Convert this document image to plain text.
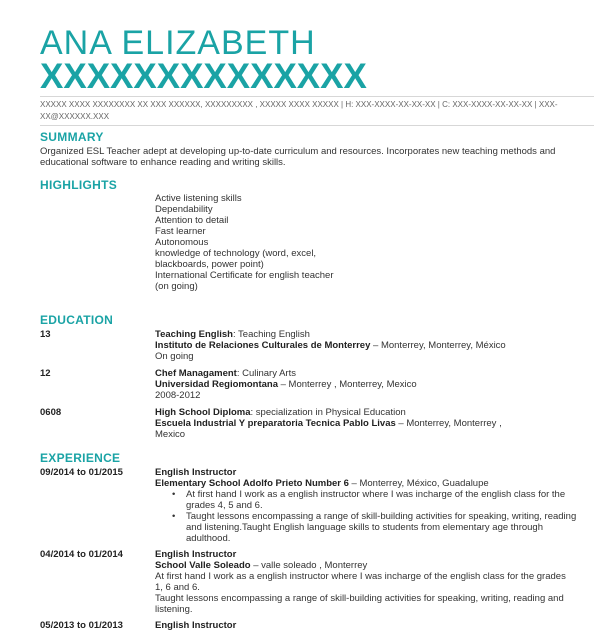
ANA ELIZABETH
XXXXXXXXXXXXXX
XXXXX XXXX XXXXXXXX XX XXX XXXXXX, XXXXXXXXX , XXXXX XXXX XXXXX | H: XXX-XXXX-XX-XX-XX | C: XXX-XXXX-XX-XX-XX | XXX-XX@XXXXXX.XXX
SUMMARY
Organized ESL Teacher adept at developing up-to-date curriculum and resources. Incorporates new teaching methods and educational software to enhance reading and writing skills.
HIGHLIGHTS
Active listening skills
Dependability
Attention to detail
Fast learner
Autonomous
knowledge of technology (word, excel,
blackboards, power point)
International Certificate for english teacher
(on going)
EDUCATION
13	Teaching English: Teaching English
Instituto de Relaciones Culturales de Monterrey – Monterrey, Monterrey, México
On going
12	Chef Managament: Culinary Arts
Universidad Regiomontana – Monterrey , Monterrey, Mexico
2008-2012
0608	High School Diploma: specialization in Physical Education
Escuela Industrial Y preparatoria Tecnica Pablo Livas – Monterrey, Monterrey ,
Mexico
EXPERIENCE
09/2014 to 01/2015	English Instructor
Elementary School Adolfo Prieto Number 6 – Monterrey, México, Guadalupe
• At first hand I work as a english instructor where I was incharge of the english class for the grades 4, 5 and 6.
• Taught lessons encompassing a range of skill-building activities for speaking, writing, reading and listening.Taught English language skills to students from elementary age through adulthood.
04/2014 to 01/2014	English Instructor
School Valle Soleado – valle soleado , Monterrey
At first hand I work as a english instructor where I was incharge of the english class for the grades 1, 6 and 6.
Taught lessons encompassing a range of skill-building activities for speaking, writing, reading and listening.
05/2013 to 01/2013	English Instructor
